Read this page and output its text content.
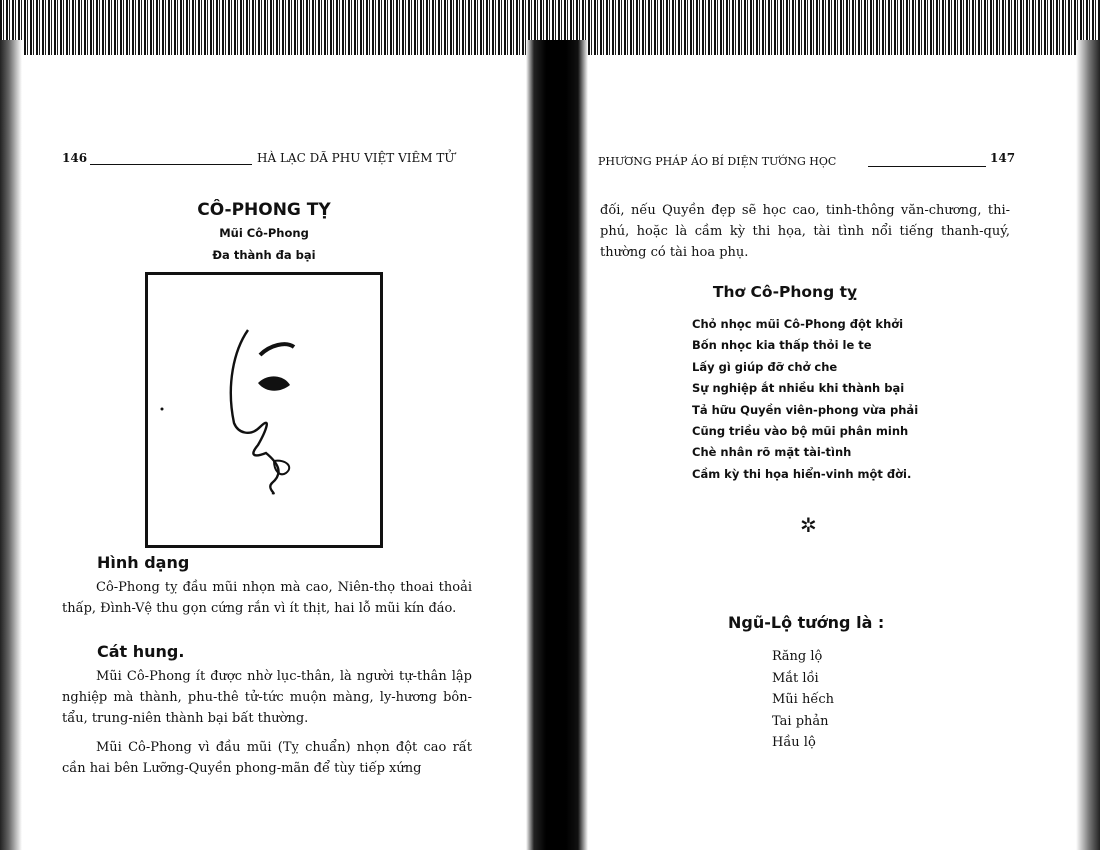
146	HÀ LẠC DÃ PHU VIỆT VIÊM TỬ
CÔ-PHONG TỴ
Mũi Cô-Phong
Đa thành đa bại
Hình dạng
Cô-Phong tỵ đầu mũi nhọn mà cao, Niên-thọ thoai thoải thấp, Đình-Vệ thu gọn cứng rắn vì ít thịt, hai lỗ mũi kín đáo.
Cát hung.
Mũi Cô-Phong ít được nhờ lục-thân, là người tự-thân lập nghiệp mà thành, phu-thê tử-tức muộn màng, ly-hương bôn-tẩu, trung-niên thành bại bất thường.
Mũi Cô-Phong vì đầu mũi (Tỵ chuẩn) nhọn đột cao rất cần hai bên Lưỡng-Quyền phong-mãn để tùy tiếp xứng
PHƯƠNG PHÁP ÁO BÍ DIỆN TƯỚNG HỌC	147
đối, nếu Quyền đẹp sẽ học cao, tinh-thông văn-chương, thi-phú, hoặc là cầm kỳ thi họa, tài tình nổi tiếng thanh-quý, thường có tài hoa phụ.
Thơ Cô-Phong tỵ
Chỏ nhọc mũi Cô-Phong đột khởi
Bốn nhọc kia thấp thỏi le te
Lấy gì giúp đỡ chở che
Sự nghiệp ắt nhiều khi thành bại
Tả hữu Quyền viên-phong vừa phải
Cũng triều vào bộ mũi phân minh
Chè nhân rõ mặt tài-tình
Cầm kỳ thi họa hiển-vinh một đời.
✲
Ngũ-Lộ tướng là :
Răng lộ
Mắt lồi
Mũi hếch
Tai phản
Hầu lộ
